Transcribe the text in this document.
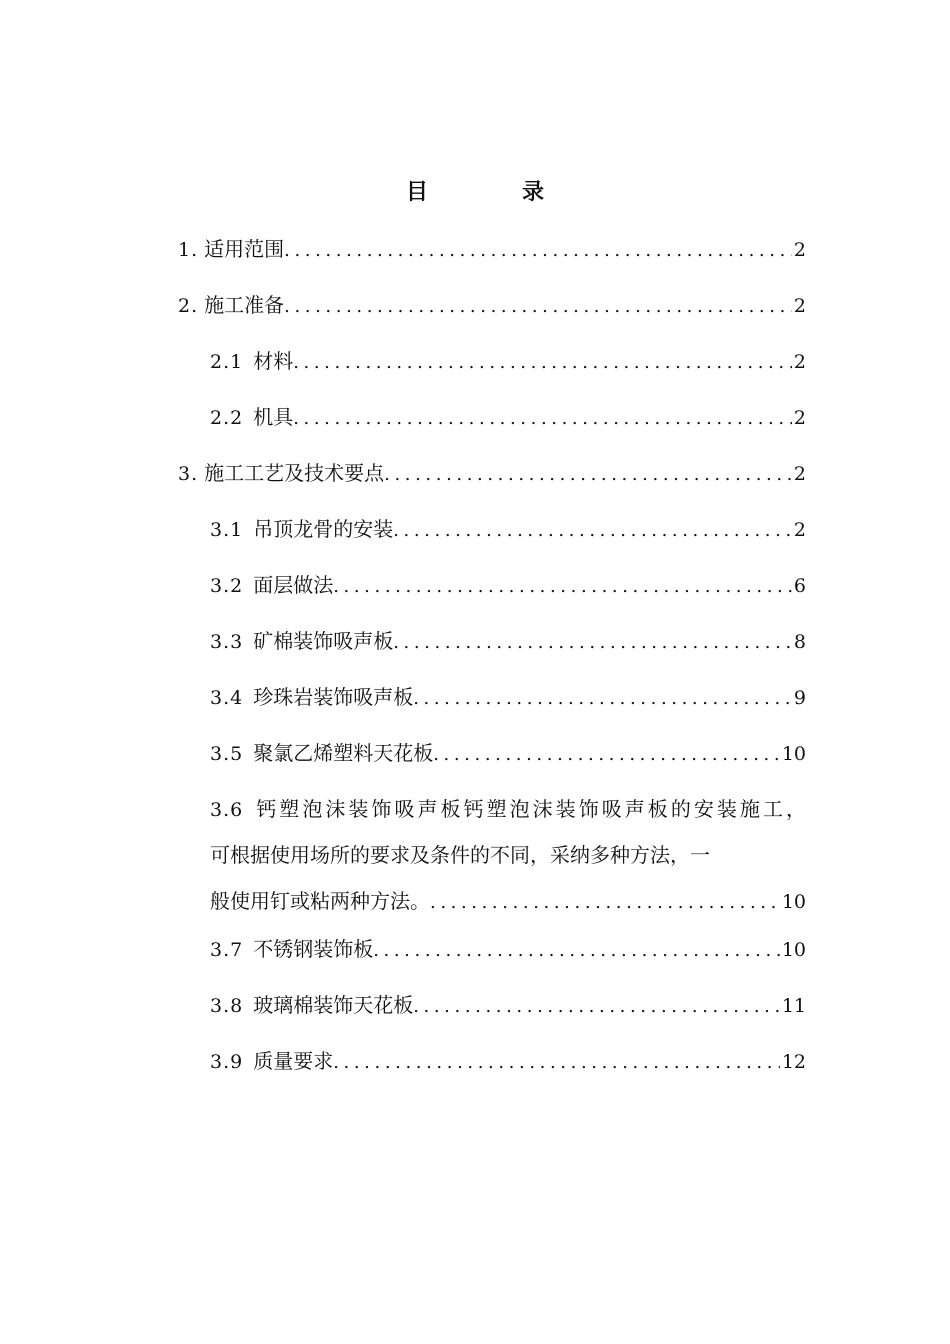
目　录
1. 适用范围 .....	2
2. 施工准备 .....	2
2.1 材料 .....	2
2.2 机具 .....	2
3. 施工工艺及技术要点 .....	2
3.1 吊顶龙骨的安装 .....	2
3.2 面层做法 .....	6
3.3 矿棉装饰吸声板 .....	8
3.4 珍珠岩装饰吸声板 .....	9
3.5 聚氯乙烯塑料天花板 .....	10
3.6 钙塑泡沫装饰吸声板钙塑泡沫装饰吸声板的安装施工，
可根据使用场所的要求及条件的不同，采纳多种方法，一
般使用钉或粘两种方法。 .....	10
3.7 不锈钢装饰板 .....	10
3.8 玻璃棉装饰天花板 .....	11
3.9 质量要求 .....	12
